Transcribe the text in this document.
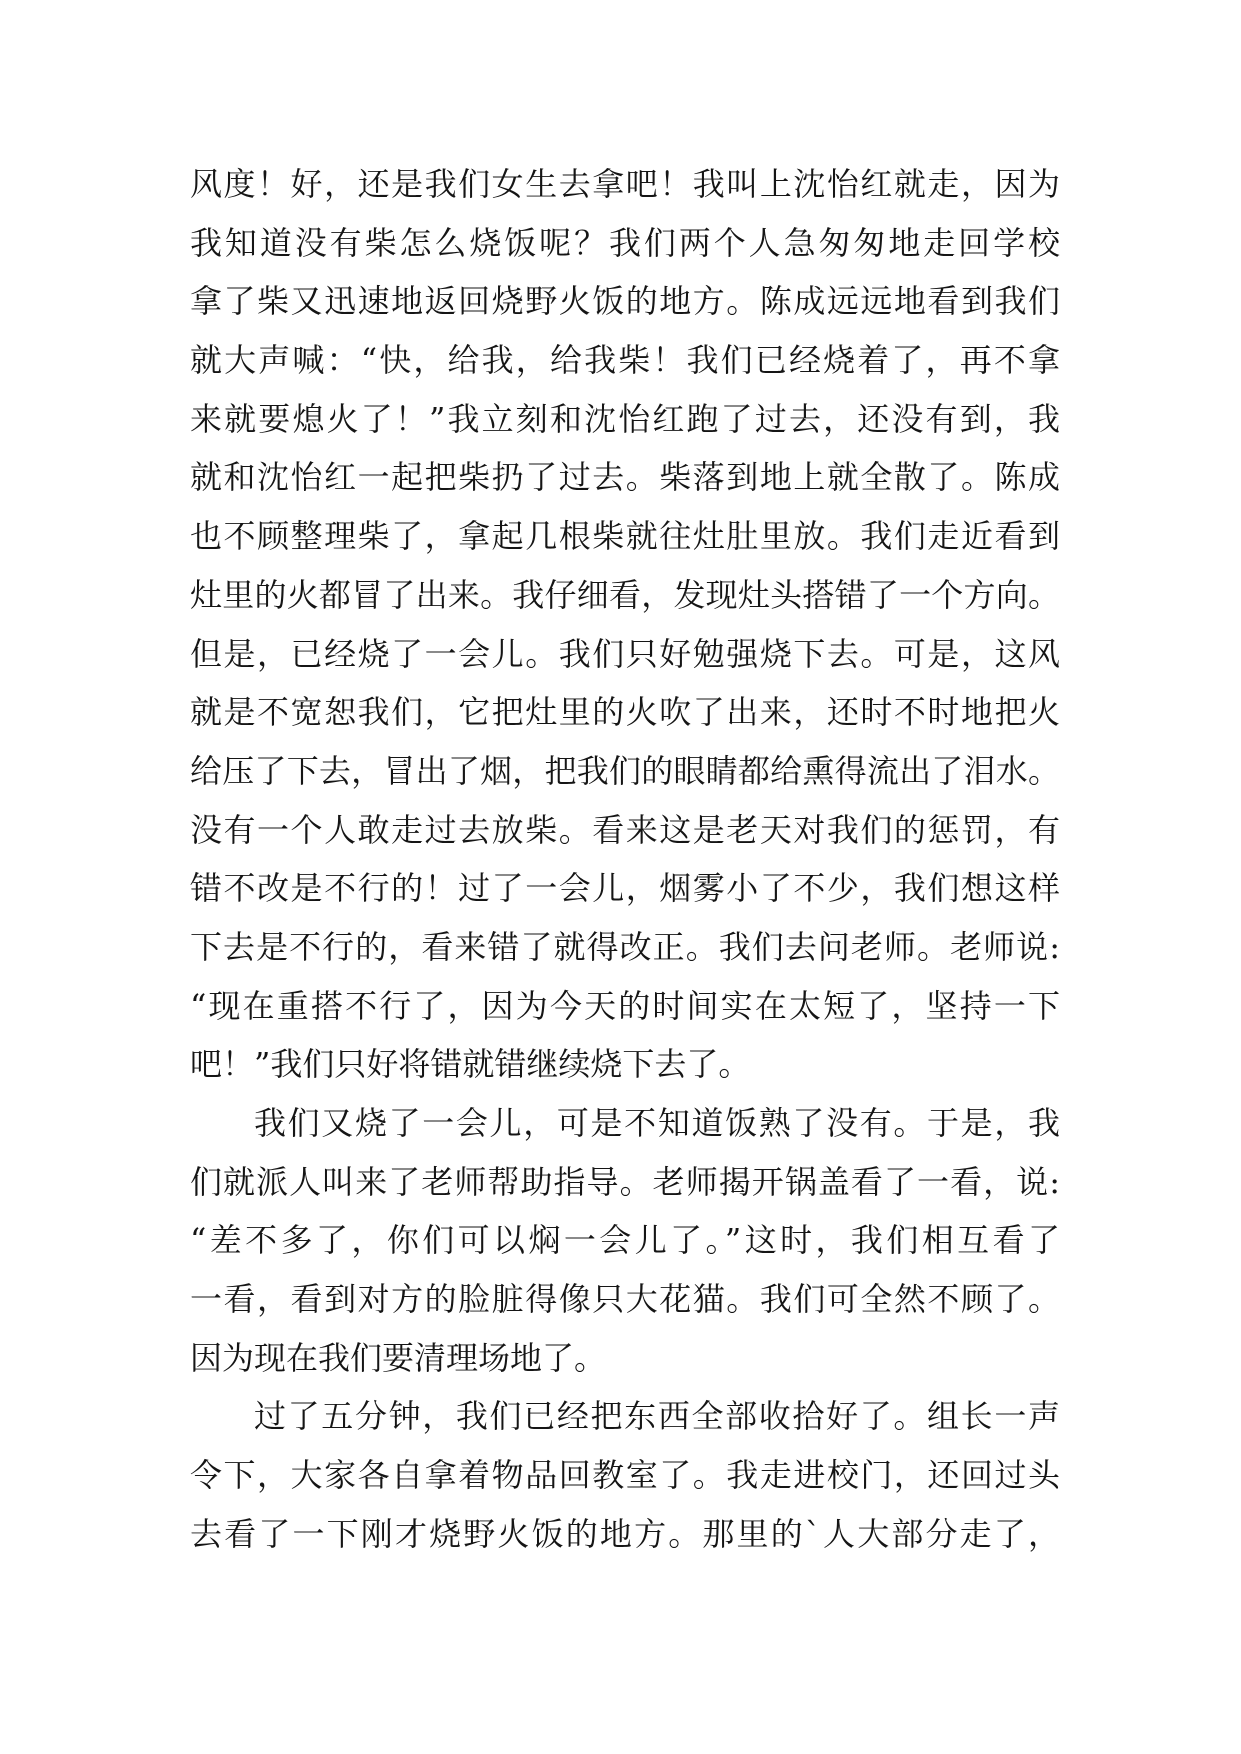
风度！好，还是我们女生去拿吧！我叫上沈怡红就走，因为
我知道没有柴怎么烧饭呢？我们两个人急匆匆地走回学校
拿了柴又迅速地返回烧野火饭的地方。陈成远远地看到我们
就大声喊：“快，给我，给我柴！我们已经烧着了，再不拿
来就要熄火了！”我立刻和沈怡红跑了过去，还没有到，我
就和沈怡红一起把柴扔了过去。柴落到地上就全散了。陈成
也不顾整理柴了，拿起几根柴就往灶肚里放。我们走近看到
灶里的火都冒了出来。我仔细看，发现灶头搭错了一个方向。
但是，已经烧了一会儿。我们只好勉强烧下去。可是，这风
就是不宽恕我们，它把灶里的火吹了出来，还时不时地把火
给压了下去，冒出了烟，把我们的眼睛都给熏得流出了泪水。
没有一个人敢走过去放柴。看来这是老天对我们的惩罚，有
错不改是不行的！过了一会儿，烟雾小了不少，我们想这样
下去是不行的，看来错了就得改正。我们去问老师。老师说:
“现在重搭不行了，因为今天的时间实在太短了，坚持一下
吧！”我们只好将错就错继续烧下去了。
我们又烧了一会儿，可是不知道饭熟了没有。于是，我
们就派人叫来了老师帮助指导。老师揭开锅盖看了一看，说:
“差不多了，你们可以焖一会儿了。”这时，我们相互看了
一看，看到对方的脸脏得像只大花猫。我们可全然不顾了。
因为现在我们要清理场地了。
过了五分钟，我们已经把东西全部收拾好了。组长一声
令下，大家各自拿着物品回教室了。我走进校门，还回过头
去看了一下刚才烧野火饭的地方。那里的`人大部分走了，
